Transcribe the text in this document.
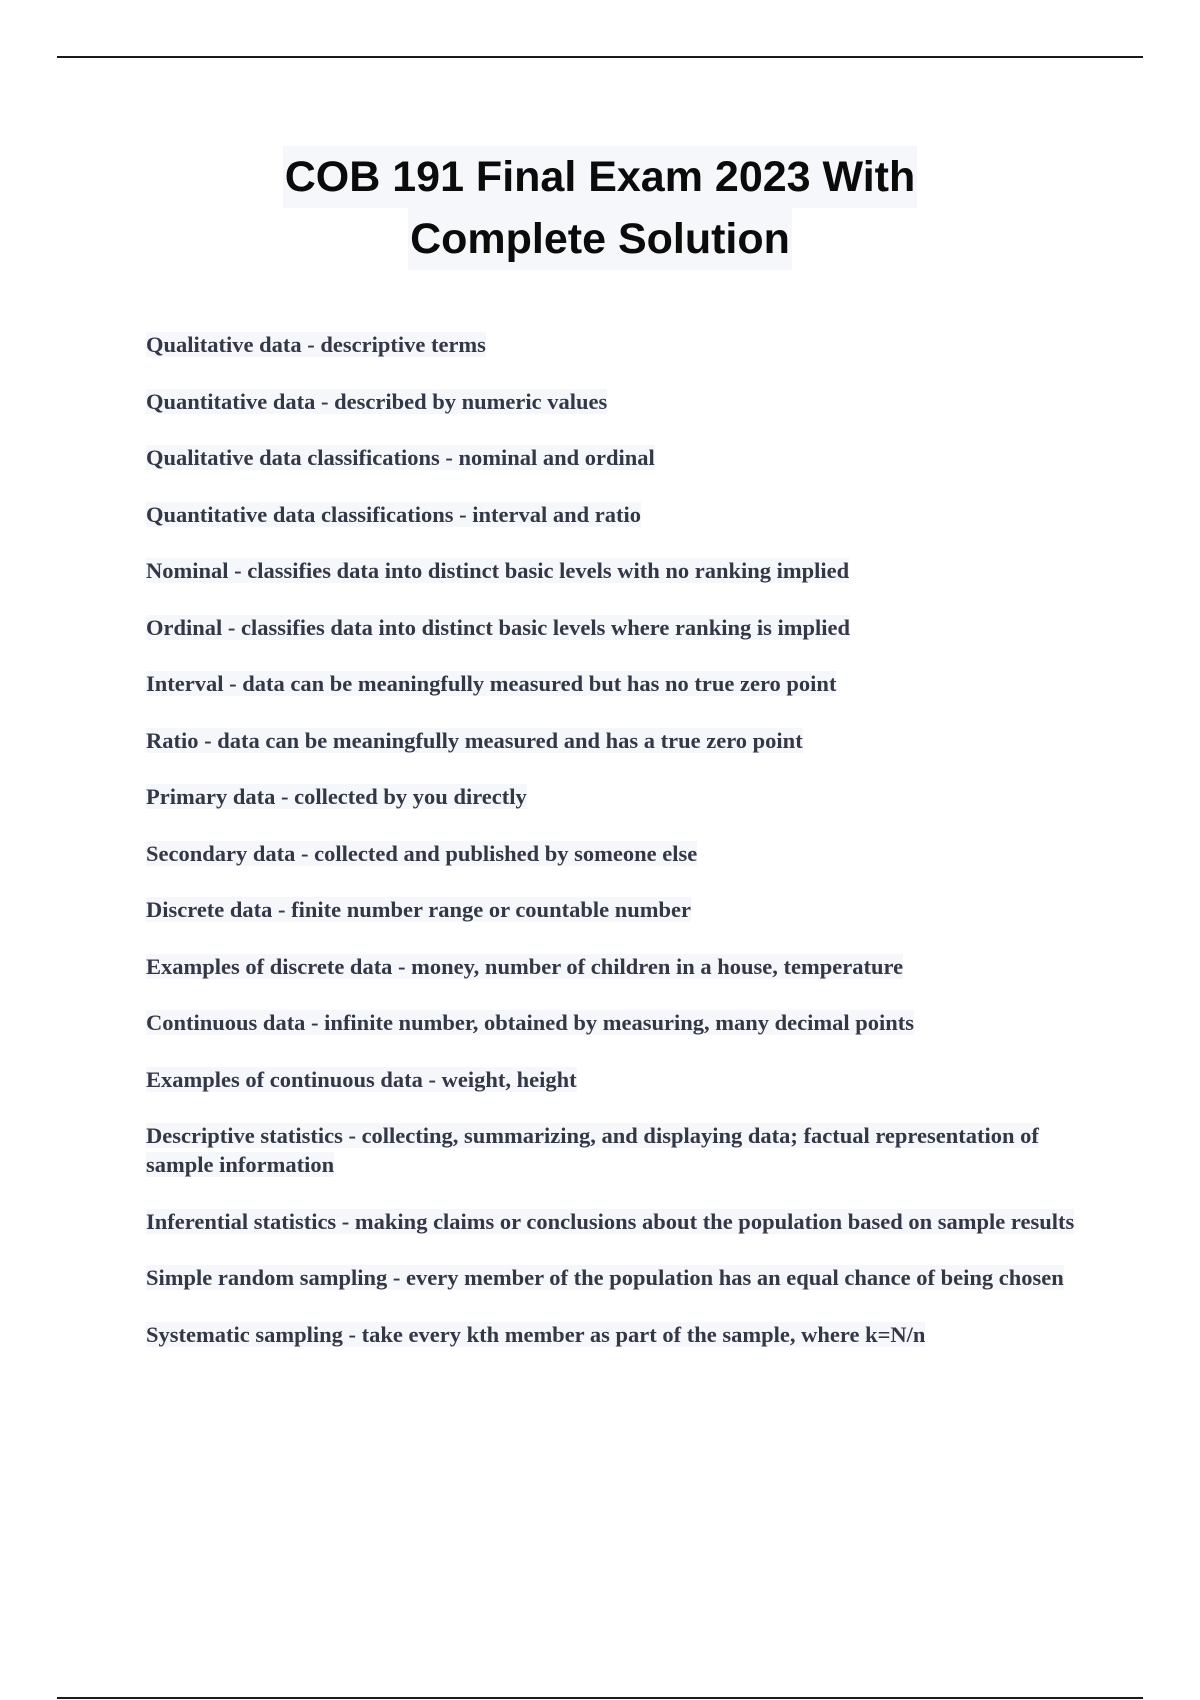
COB 191 Final Exam 2023 With
Complete Solution
Qualitative data - descriptive terms
Quantitative data - described by numeric values
Qualitative data classifications - nominal and ordinal
Quantitative data classifications - interval and ratio
Nominal - classifies data into distinct basic levels with no ranking implied
Ordinal - classifies data into distinct basic levels where ranking is implied
Interval - data can be meaningfully measured but has no true zero point
Ratio - data can be meaningfully measured and has a true zero point
Primary data - collected by you directly
Secondary data - collected and published by someone else
Discrete data - finite number range or countable number
Examples of discrete data - money, number of children in a house, temperature
Continuous data - infinite number, obtained by measuring, many decimal points
Examples of continuous data - weight, height
Descriptive statistics - collecting, summarizing, and displaying data; factual representation of sample information
Inferential statistics - making claims or conclusions about the population based on sample results
Simple random sampling - every member of the population has an equal chance of being chosen
Systematic sampling - take every kth member as part of the sample, where k=N/n
